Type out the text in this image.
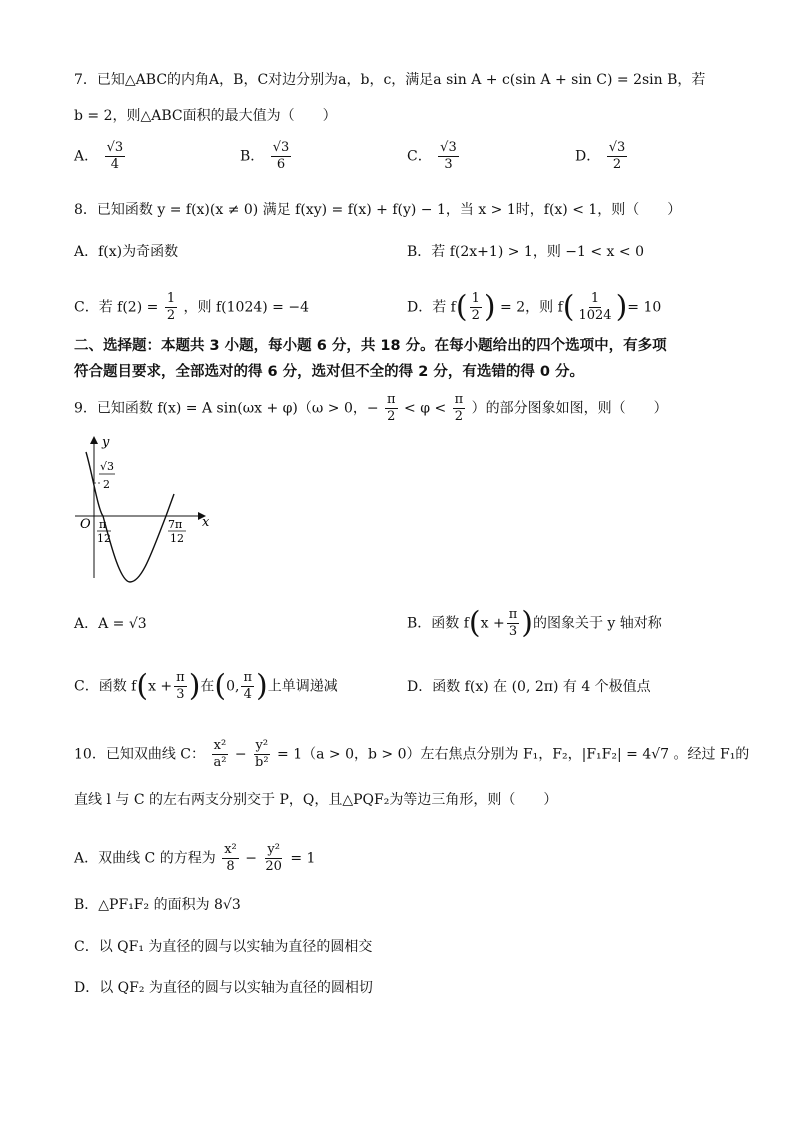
7．已知△ABC的内角A，B，C对边分别为a，b，c，满足a sin A + c(sin A + sin C) = 2sin B，若
b = 2，则△ABC面积的最大值为（　　）
A． $\frac{√3}{4}$	B． $\frac{√3}{6}$	C． $\frac{√3}{3}$	D． $\frac{√3}{2}$
8．已知函数 y = f(x)(x ≠ 0) 满足 f(xy) = f(x) + f(y) − 1，当 x > 1时，f(x) < 1，则（　　）
A．f(x)为奇函数	B．若 f(2x+1) > 1，则 −1 < x < 0
C．若 $f(2) = \frac{1}{2}$ ，则 f(1024) = −4	D．若 $f( \frac{1}{2}$ ) = 2，则 $f( \frac{1}{1024}$ )= 10
二、选择题：本题共 3 小题，每小题 6 分，共 18 分。在每小题给出的四个选项中，有多项
符合题目要求，全部选对的得 6 分，选对但不全的得 2 分，有选错的得 0 分。
9．已知函数 f(x) = A sin(ωx + φ)（ω > 0，− $\frac{\pi}{2} < \varphi < \frac{\pi}{2}$ ）的部分图象如图，则（　　）
y
x
O
√3
2
π
12
7π
12
A．A = √3	B．函数 $f(x + \frac{\pi}{3}$ )的图象关于 y 轴对称
C．函数 $f(x + \frac{\pi}{3}$ )在(0, $\frac{\pi}{4}$ )上单调递减	D．函数 f(x) 在 (0, 2π) 有 4 个极值点
10．已知双曲线 C： $\frac{\text{x²}}{\text{a²}} - \frac{\text{y²}}{\text{b²}} = 1(a > 0$，b > 0）左右焦点分别为 F₁，F₂，|F₁F₂| = 4√7 。经过 F₁的
直线 l 与 C 的左右两支分别交于 P，Q，且△PQF₂为等边三角形，则（　　）
A．双曲线 C 的方程为 $\frac{\text{x²}}{8} - \frac{\text{y²}}{20} = 1$
B．△PF₁F₂ 的面积为 8√3
C．以 QF₁ 为直径的圆与以实轴为直径的圆相交
D．以 QF₂ 为直径的圆与以实轴为直径的圆相切
